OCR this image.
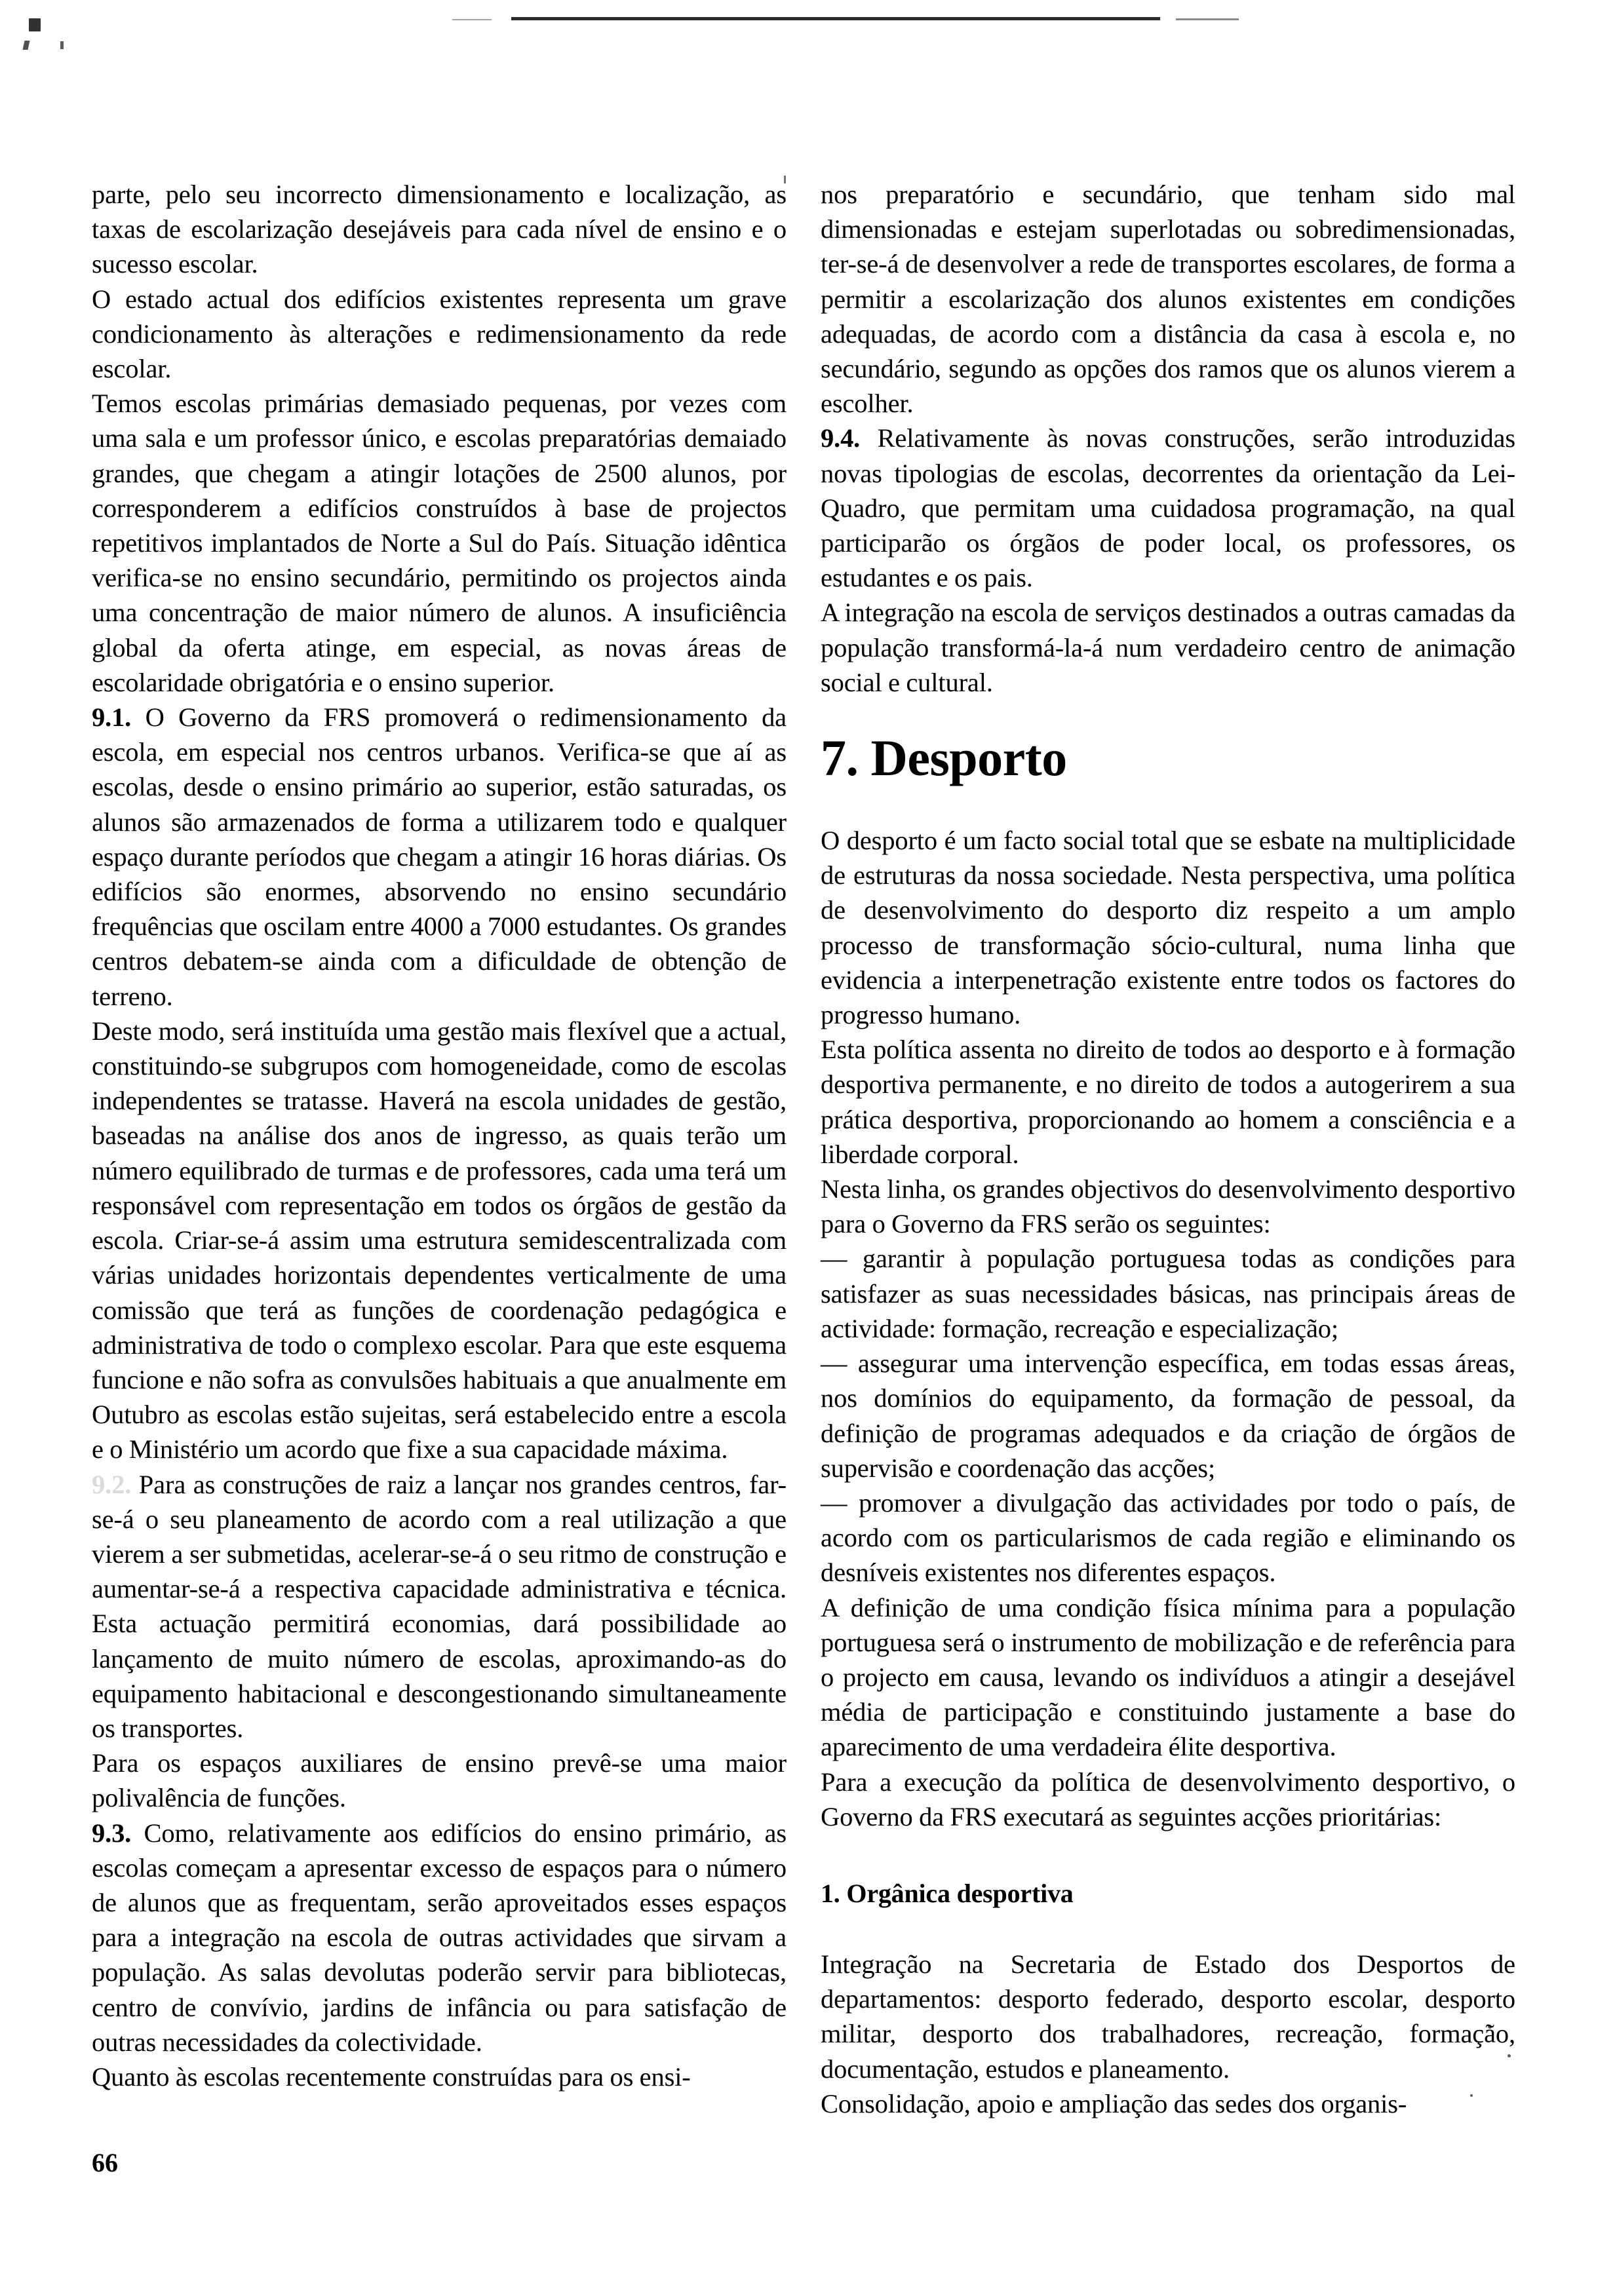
parte, pelo seu incorrecto dimensionamento e localização, as taxas de escolarização desejáveis para cada nível de ensino e o sucesso escolar.

O estado actual dos edifícios existentes representa um grave condicionamento às alterações e redimensionamento da rede escolar.

Temos escolas primárias demasiado pequenas, por vezes com uma sala e um professor único, e escolas preparatórias demaiado grandes, que chegam a atingir lotações de 2500 alunos, por corresponderem a edifícios construídos à base de projectos repetitivos implantados de Norte a Sul do País. Situação idêntica verifica-se no ensino secundário, permitindo os projectos ainda uma concentração de maior número de alunos. A insuficiência global da oferta atinge, em especial, as novas áreas de escolaridade obrigatória e o ensino superior.

9.1. O Governo da FRS promoverá o redimensionamento da escola, em especial nos centros urbanos. Verifica-se que aí as escolas, desde o ensino primário ao superior, estão saturadas, os alunos são armazenados de forma a utilizarem todo e qualquer espaço durante períodos que chegam a atingir 16 horas diárias. Os edifícios são enormes, absorvendo no ensino secundário frequências que oscilam entre 4000 a 7000 estudantes. Os grandes centros debatem-se ainda com a dificuldade de obtenção de terreno.

Deste modo, será instituída uma gestão mais flexível que a actual, constituindo-se subgrupos com homogeneidade, como de escolas independentes se tratasse. Haverá na escola unidades de gestão, baseadas na análise dos anos de ingresso, as quais terão um número equilibrado de turmas e de professores, cada uma terá um responsável com representação em todos os órgãos de gestão da escola. Criar-se-á assim uma estrutura semidescentralizada com várias unidades horizontais dependentes verticalmente de uma comissão que terá as funções de coordenação pedagógica e administrativa de todo o complexo escolar. Para que este esquema funcione e não sofra as convulsões habituais a que anualmente em Outubro as escolas estão sujeitas, será estabelecido entre a escola e o Ministério um acordo que fixe a sua capacidade máxima.

9.2. Para as construções de raiz a lançar nos grandes centros, far-se-á o seu planeamento de acordo com a real utilização a que vierem a ser submetidas, acelerar-se-á o seu ritmo de construção e aumentar-se-á a respectiva capacidade administrativa e técnica. Esta actuação permitirá economias, dará possibilidade ao lançamento de muito número de escolas, aproximando-as do equipamento habitacional e descongestionando simultaneamente os transportes.

Para os espaços auxiliares de ensino prevê-se uma maior polivalência de funções.

9.3. Como, relativamente aos edifícios do ensino primário, as escolas começam a apresentar excesso de espaços para o número de alunos que as frequentam, serão aproveitados esses espaços para a integração na escola de outras actividades que sirvam a população. As salas devolutas poderão servir para bibliotecas, centro de convívio, jardins de infância ou para satisfação de outras necessidades da colectividade.

Quanto às escolas recentemente construídas para os ensi-

nos preparatório e secundário, que tenham sido mal dimensionadas e estejam superlotadas ou sobredimensionadas, ter-se-á de desenvolver a rede de transportes escolares, de forma a permitir a escolarização dos alunos existentes em condições adequadas, de acordo com a distância da casa à escola e, no secundário, segundo as opções dos ramos que os alunos vierem a escolher.

9.4. Relativamente às novas construções, serão introduzidas novas tipologias de escolas, decorrentes da orientação da Lei-Quadro, que permitam uma cuidadosa programação, na qual participarão os órgãos de poder local, os professores, os estudantes e os pais.

A integração na escola de serviços destinados a outras camadas da população transformá-la-á num verdadeiro centro de animação social e cultural.

7. Desporto

O desporto é um facto social total que se esbate na multiplicidade de estruturas da nossa sociedade. Nesta perspectiva, uma política de desenvolvimento do desporto diz respeito a um amplo processo de transformação sócio-cultural, numa linha que evidencia a interpenetração existente entre todos os factores do progresso humano.

Esta política assenta no direito de todos ao desporto e à formação desportiva permanente, e no direito de todos a autogerirem a sua prática desportiva, proporcionando ao homem a consciência e a liberdade corporal.

Nesta linha, os grandes objectivos do desenvolvimento desportivo para o Governo da FRS serão os seguintes:

— garantir à população portuguesa todas as condições para satisfazer as suas necessidades básicas, nas principais áreas de actividade: formação, recreação e especialização;

— assegurar uma intervenção específica, em todas essas áreas, nos domínios do equipamento, da formação de pessoal, da definição de programas adequados e da criação de órgãos de supervisão e coordenação das acções;

— promover a divulgação das actividades por todo o país, de acordo com os particularismos de cada região e eliminando os desníveis existentes nos diferentes espaços.

A definição de uma condição física mínima para a população portuguesa será o instrumento de mobilização e de referência para o projecto em causa, levando os indivíduos a atingir a desejável média de participação e constituindo justamente a base do aparecimento de uma verdadeira élite desportiva.

Para a execução da política de desenvolvimento desportivo, o Governo da FRS executará as seguintes acções prioritárias:

1. Orgânica desportiva

Integração na Secretaria de Estado dos Desportos de departamentos: desporto federado, desporto escolar, desporto militar, desporto dos trabalhadores, recreação, formação, documentação, estudos e planeamento.

Consolidação, apoio e ampliação das sedes dos organis-

66
